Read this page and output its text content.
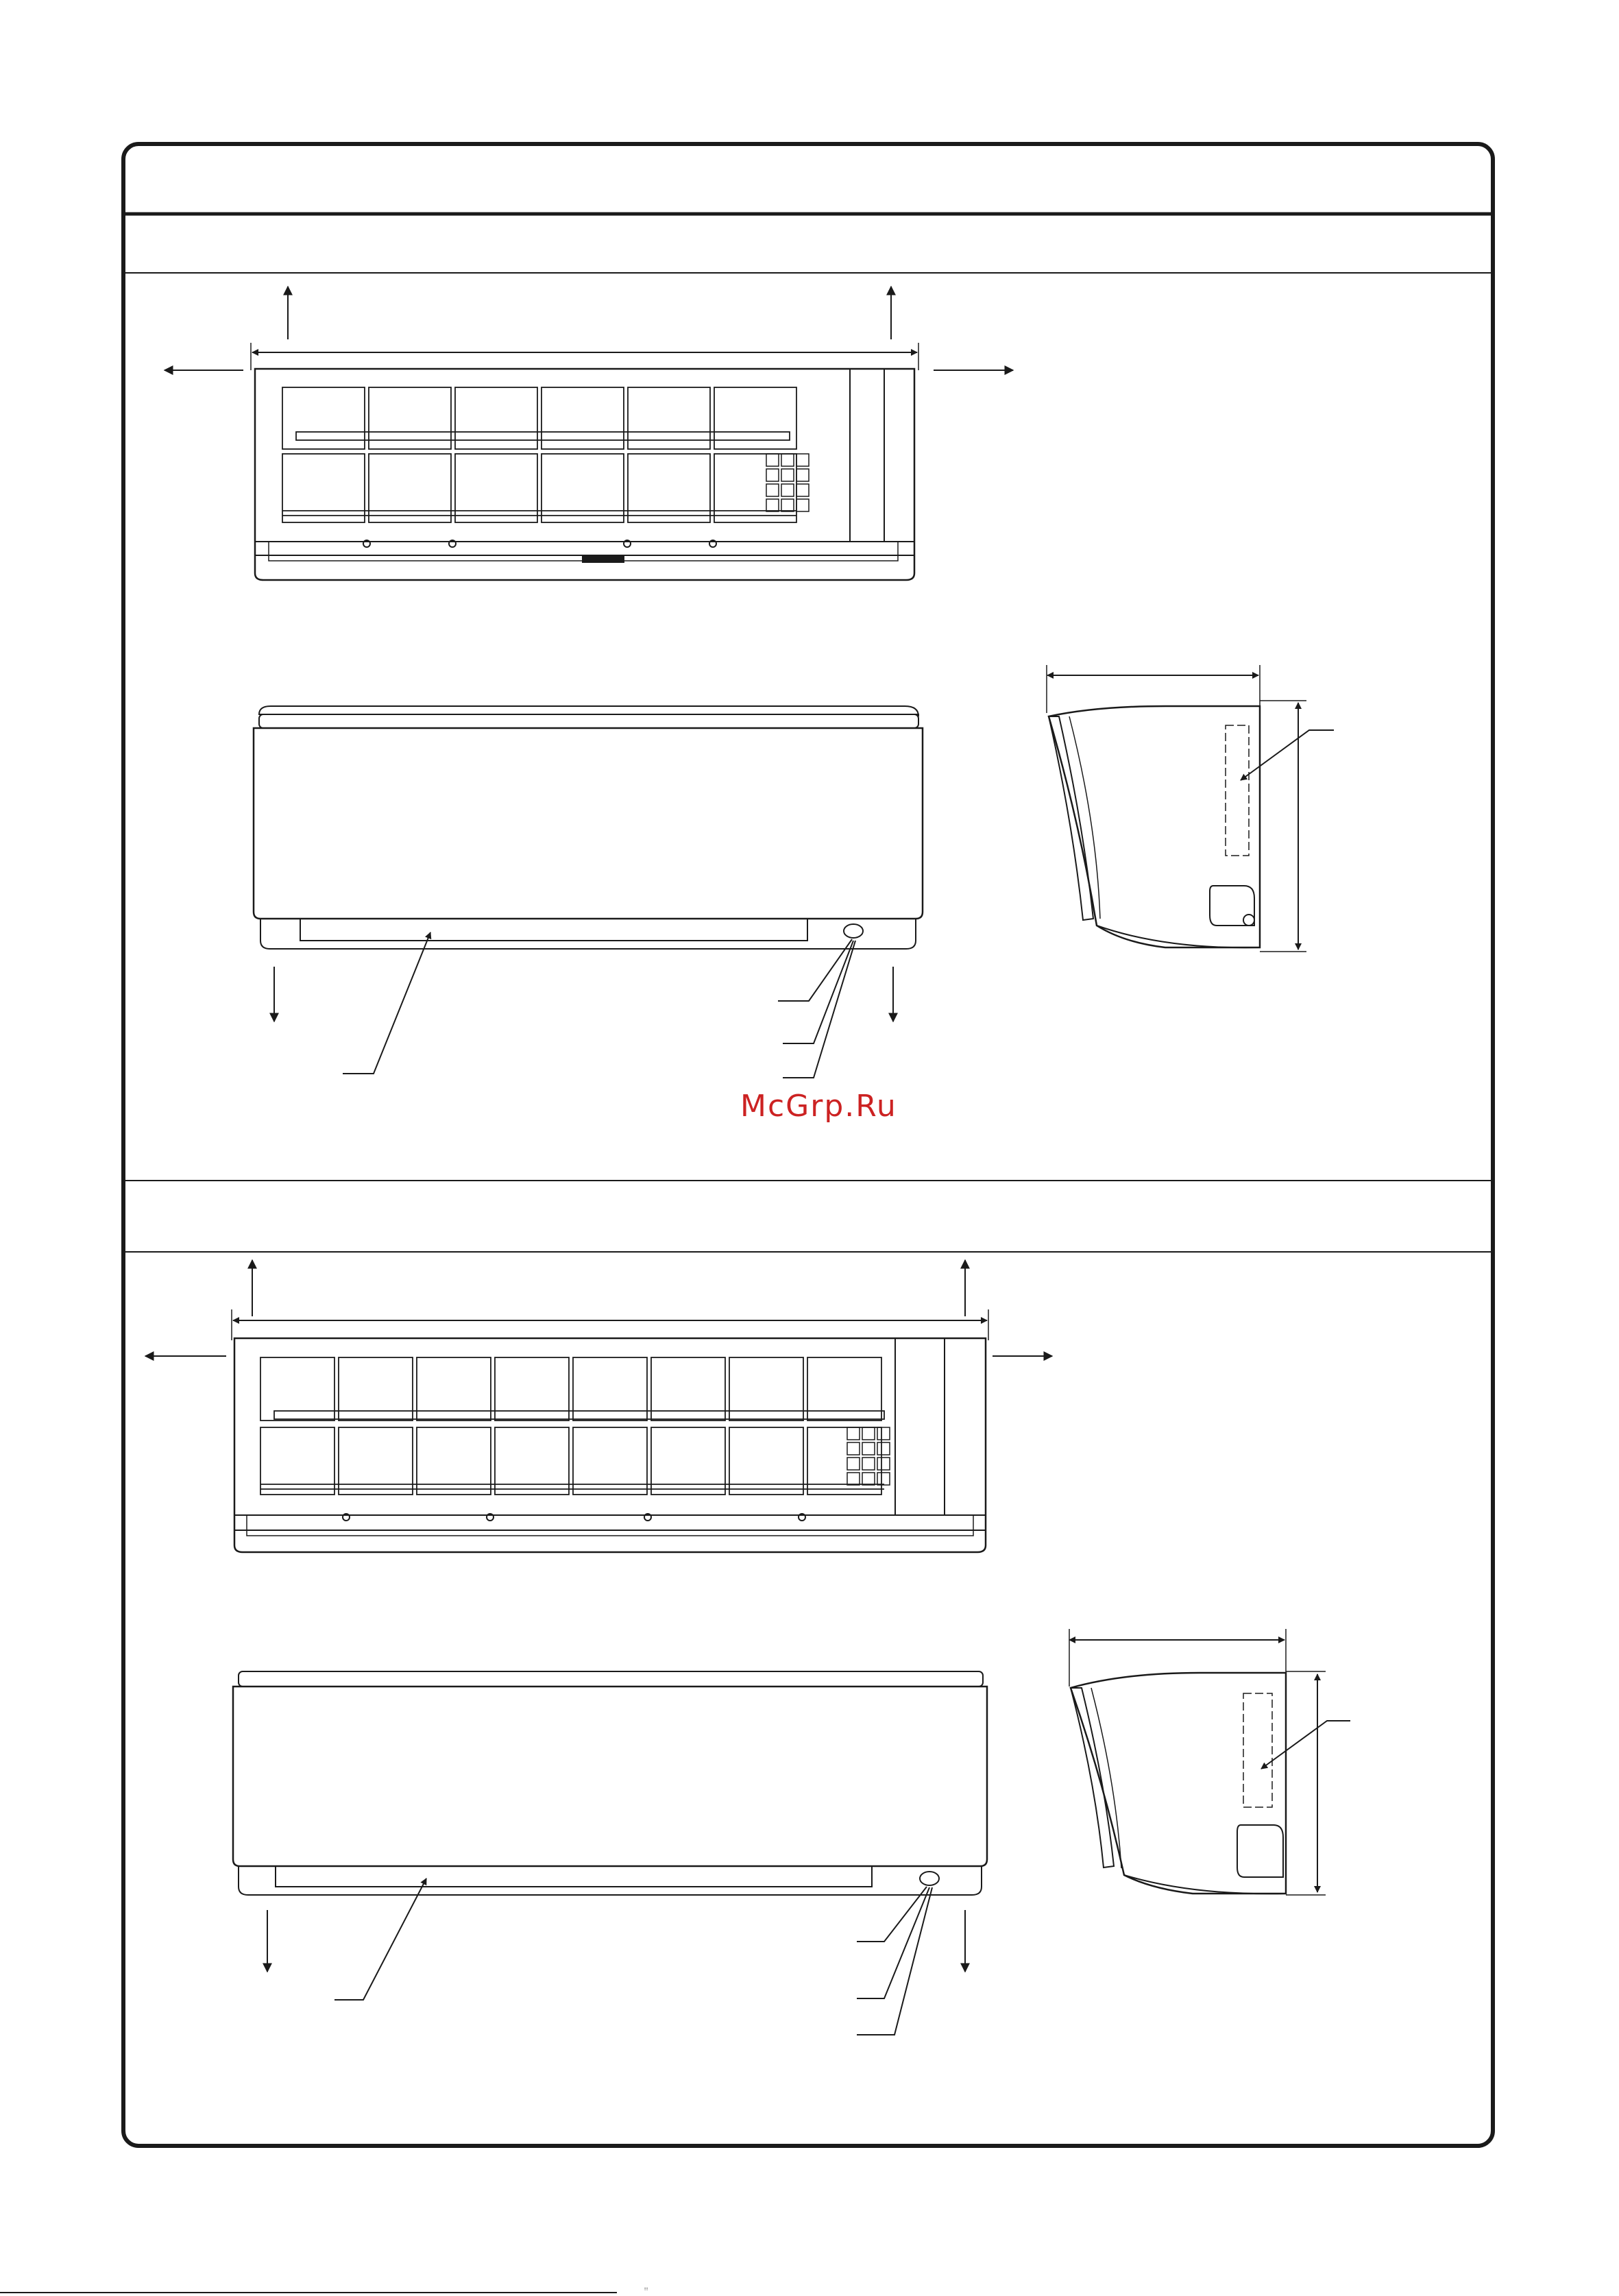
McGrp.Ru
ᵎᵎᵎ
